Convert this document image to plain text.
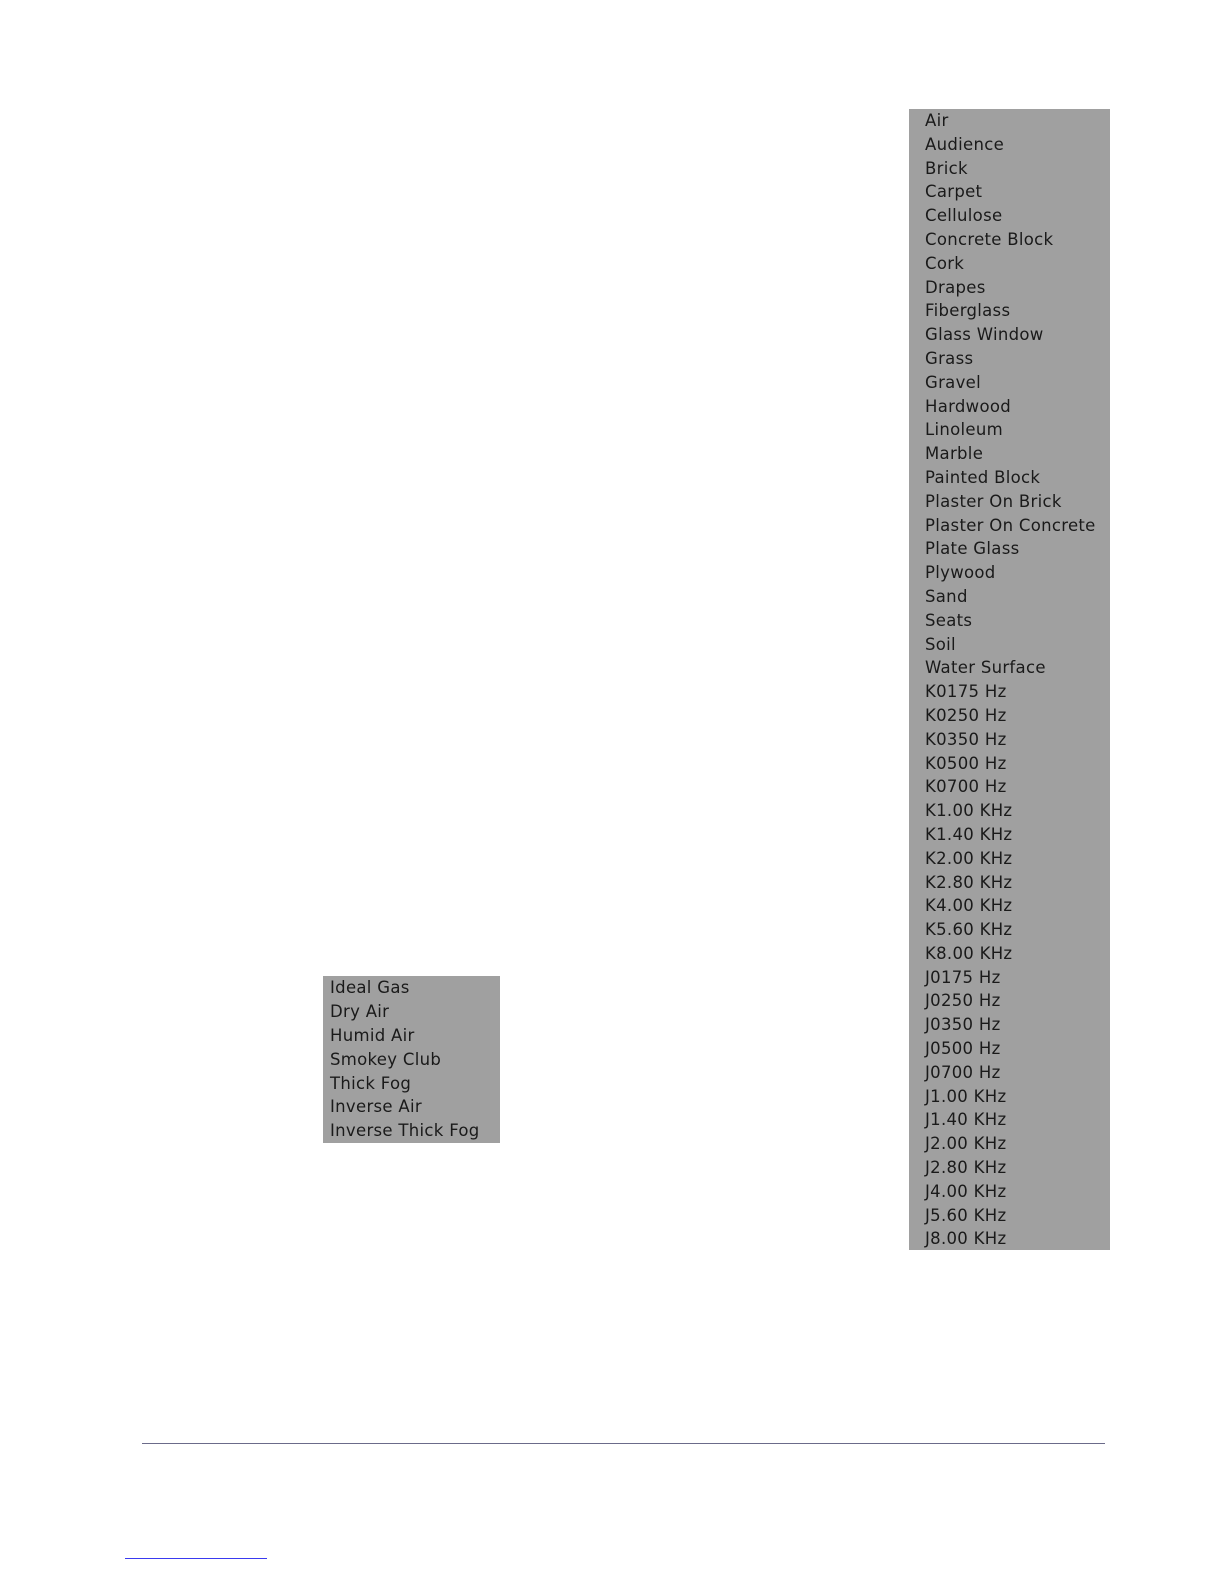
Air
Audience
Brick
Carpet
Cellulose
Concrete Block
Cork
Drapes
Fiberglass
Glass Window
Grass
Gravel
Hardwood
Linoleum
Marble
Painted Block
Plaster On Brick
Plaster On Concrete
Plate Glass
Plywood
Sand
Seats
Soil
Water Surface
K0175 Hz
K0250 Hz
K0350 Hz
K0500 Hz
K0700 Hz
K1.00 KHz
K1.40 KHz
K2.00 KHz
K2.80 KHz
K4.00 KHz
K5.60 KHz
K8.00 KHz
J0175 Hz
J0250 Hz
J0350 Hz
J0500 Hz
J0700 Hz
J1.00 KHz
J1.40 KHz
J2.00 KHz
J2.80 KHz
J4.00 KHz
J5.60 KHz
J8.00 KHz
Ideal Gas
Dry Air
Humid Air
Smokey Club
Thick Fog
Inverse Air
Inverse Thick Fog
